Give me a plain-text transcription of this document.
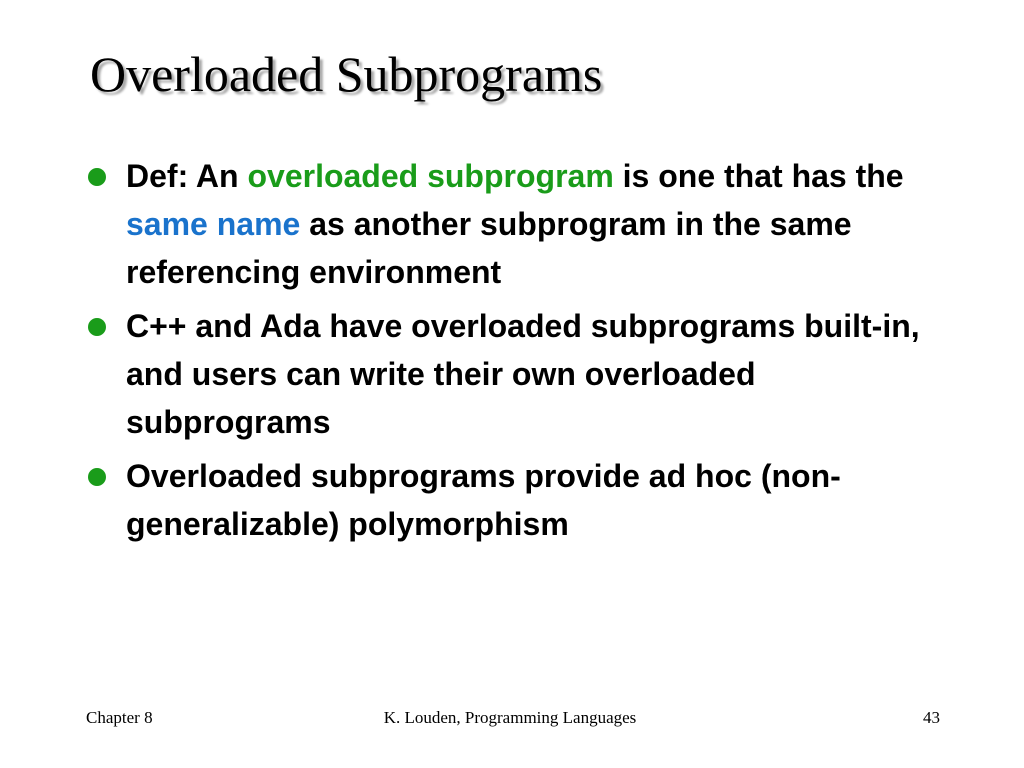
Overloaded Subprograms
Def: An overloaded subprogram is one that has the same name as another subprogram in the same referencing environment
C++ and Ada have overloaded subprograms built-in, and users can write their own overloaded subprograms
Overloaded subprograms provide ad hoc (non-generalizable) polymorphism
Chapter 8	K. Louden, Programming Languages	43
